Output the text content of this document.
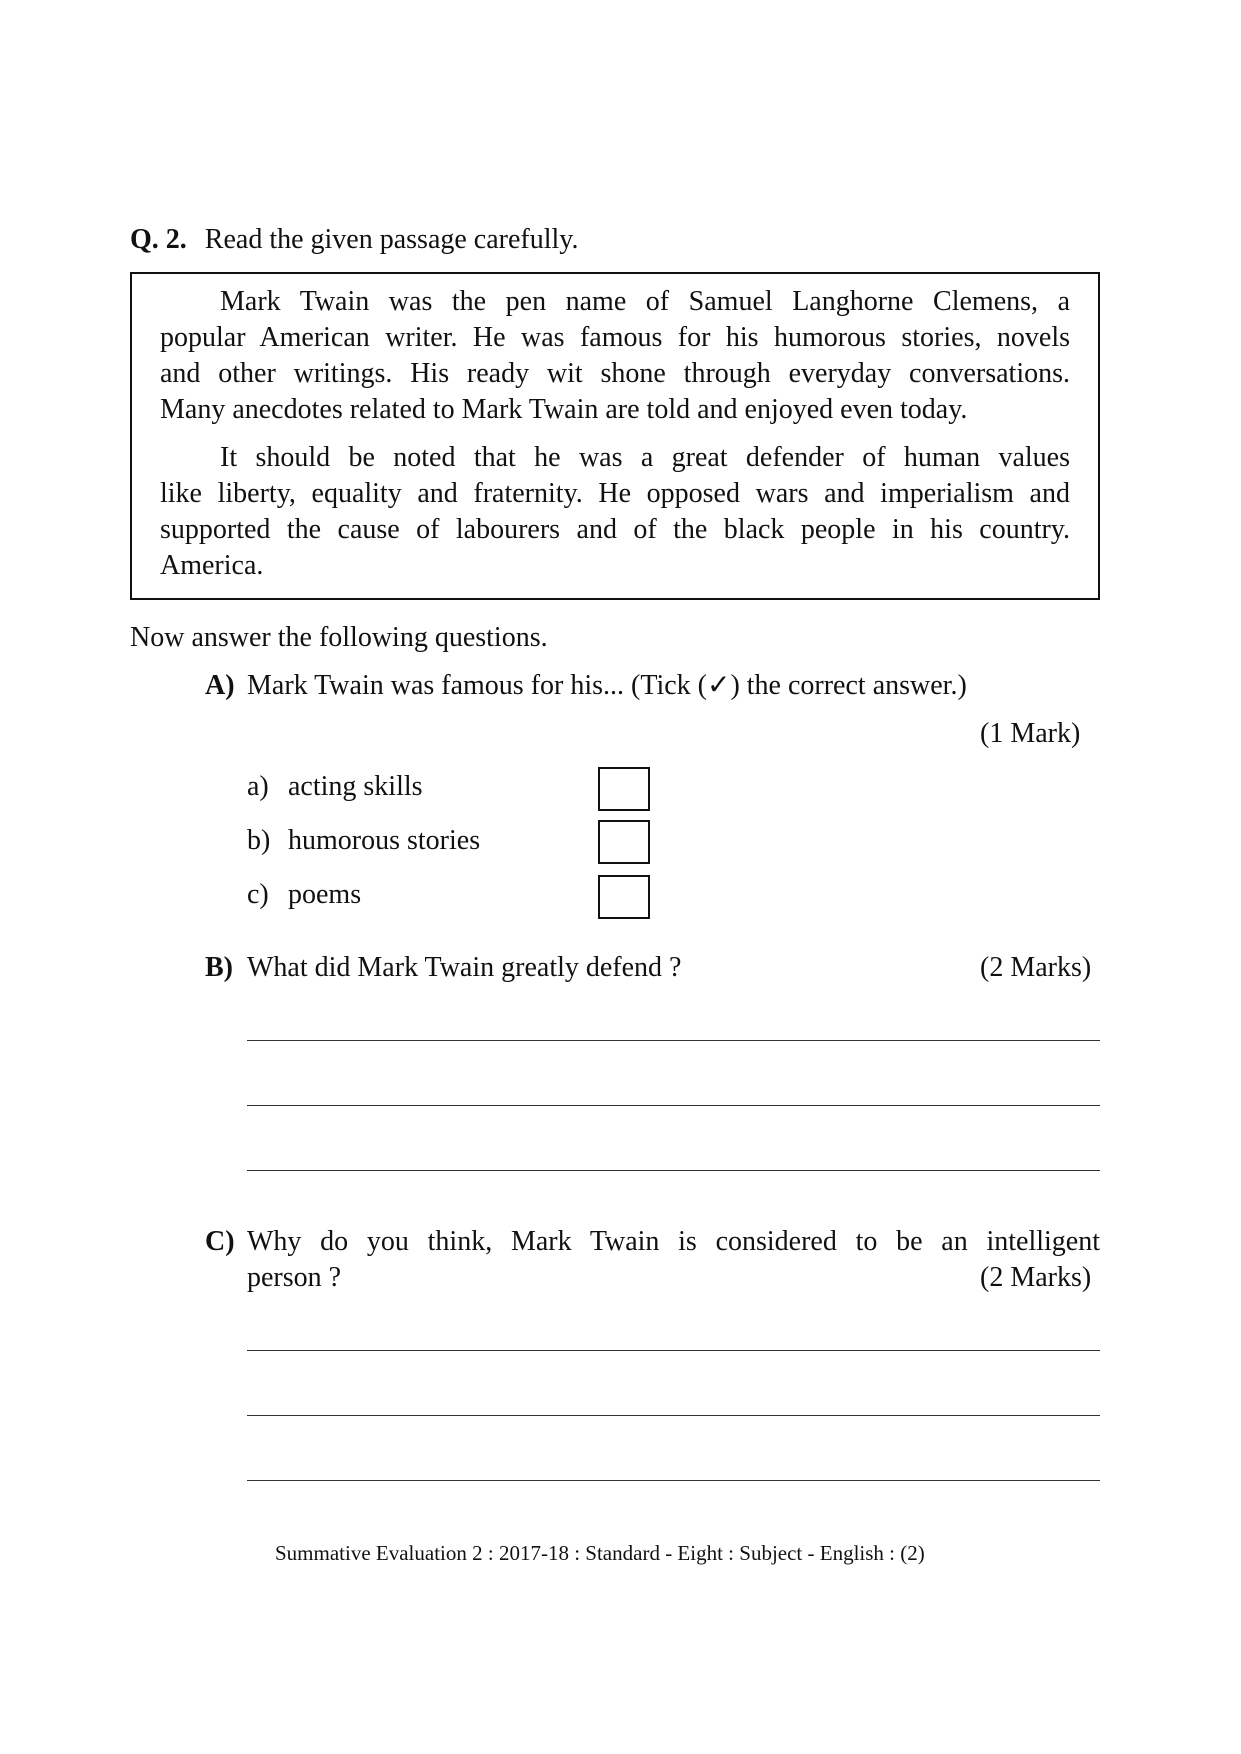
Q. 2. Read the given passage carefully.
Mark Twain was the pen name of Samuel Langhorne Clemens, a
popular American writer. He was famous for his humorous stories, novels
and other writings. His ready wit shone through everyday conversations.
Many anecdotes related to Mark Twain are told and enjoyed even today.
It should be noted that he was a great defender of human values
like liberty, equality and fraternity. He opposed wars and imperialism and
supported the cause of labourers and of the black people in his country.
America.
Now answer the following questions.
A) Mark Twain was famous for his... (Tick (✓) the correct answer.)
(1 Mark)
a) acting skills
b) humorous stories
c) poems
B) What did Mark Twain greatly defend ?	(2 Marks)
C) Why do you think, Mark Twain is considered to be an intelligent
person ?	(2 Marks)
Summative Evaluation 2 : 2017-18 : Standard - Eight : Subject - English : (2)
